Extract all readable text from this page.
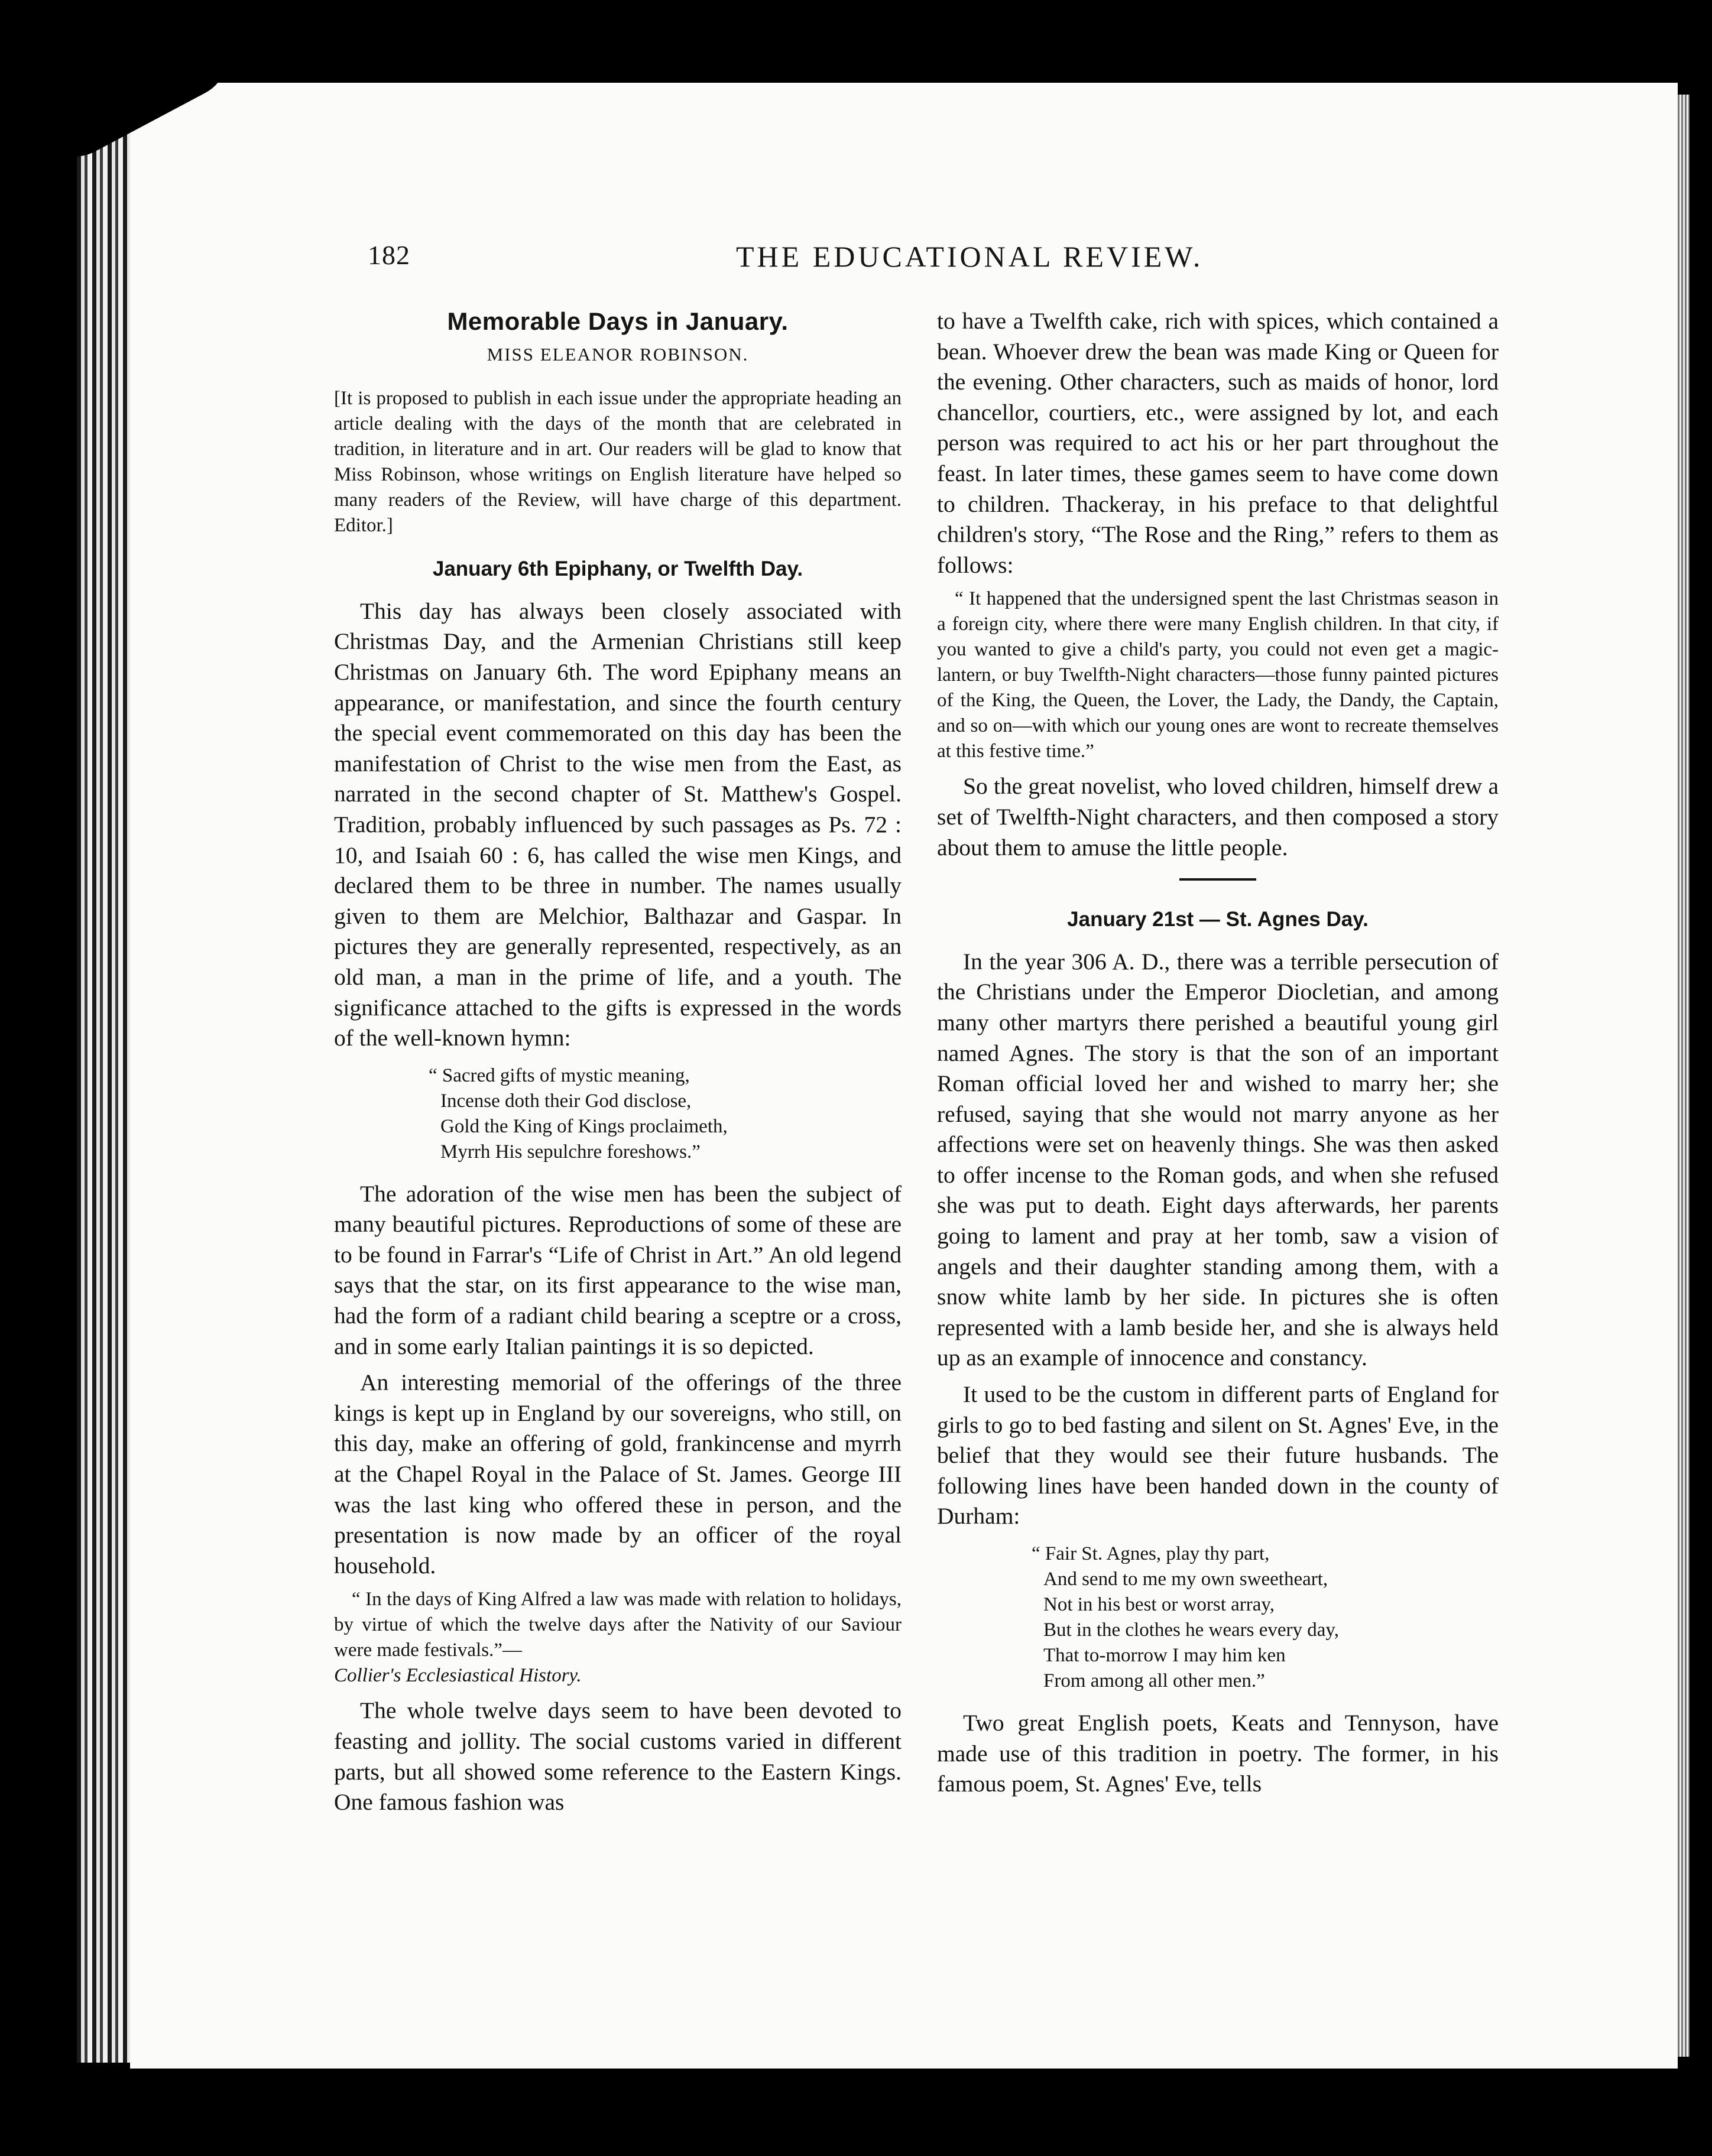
182	THE EDUCATIONAL REVIEW.
Memorable Days in January.
MISS ELEANOR ROBINSON.
[It is proposed to publish in each issue under the appropriate heading an article dealing with the days of the month that are celebrated in tradition, in literature and in art. Our readers will be glad to know that Miss Robinson, whose writings on English literature have helped so many readers of the Review, will have charge of this department. Editor.]
January 6th Epiphany, or Twelfth Day.

This day has always been closely associated with Christmas Day, and the Armenian Christians still keep Christmas on January 6th. The word Epiphany means an appearance, or manifestation, and since the fourth century the special event commemorated on this day has been the manifestation of Christ to the wise men from the East, as narrated in the second chapter of St. Matthew's Gospel. Tradition, probably influenced by such passages as Ps. 72 : 10, and Isaiah 60 : 6, has called the wise men Kings, and declared them to be three in number. The names usually given to them are Melchior, Balthazar and Gaspar. In pictures they are generally represented, respectively, as an old man, a man in the prime of life, and a youth. The significance attached to the gifts is expressed in the words of the well-known hymn:

“ Sacred gifts of mystic meaning,
Incense doth their God disclose,
Gold the King of Kings proclaimeth,
Myrrh His sepulchre foreshows.”

The adoration of the wise men has been the subject of many beautiful pictures. Reproductions of some of these are to be found in Farrar's “Life of Christ in Art.” An old legend says that the star, on its first appearance to the wise man, had the form of a radiant child bearing a sceptre or a cross, and in some early Italian paintings it is so depicted.

An interesting memorial of the offerings of the three kings is kept up in England by our sovereigns, who still, on this day, make an offering of gold, frankincense and myrrh at the Chapel Royal in the Palace of St. James. George III was the last king who offered these in person, and the presentation is now made by an officer of the royal household.

“ In the days of King Alfred a law was made with relation to holidays, by virtue of which the twelve days after the Nativity of our Saviour were made festivals.”—
Collier's Ecclesiastical History.

The whole twelve days seem to have been devoted to feasting and jollity. The social customs varied in different parts, but all showed some reference to the Eastern Kings. One famous fashion was

to have a Twelfth cake, rich with spices, which contained a bean. Whoever drew the bean was made King or Queen for the evening. Other characters, such as maids of honor, lord chancellor, courtiers, etc., were assigned by lot, and each person was required to act his or her part throughout the feast. In later times, these games seem to have come down to children. Thackeray, in his preface to that delightful children's story, “The Rose and the Ring,” refers to them as follows:

“ It happened that the undersigned spent the last Christmas season in a foreign city, where there were many English children. In that city, if you wanted to give a child's party, you could not even get a magic-lantern, or buy Twelfth-Night characters—those funny painted pictures of the King, the Queen, the Lover, the Lady, the Dandy, the Captain, and so on—with which our young ones are wont to recreate themselves at this festive time.”

So the great novelist, who loved children, himself drew a set of Twelfth-Night characters, and then composed a story about them to amuse the little people.

January 21st — St. Agnes Day.

In the year 306 A. D., there was a terrible persecution of the Christians under the Emperor Diocletian, and among many other martyrs there perished a beautiful young girl named Agnes. The story is that the son of an important Roman official loved her and wished to marry her; she refused, saying that she would not marry anyone as her affections were set on heavenly things. She was then asked to offer incense to the Roman gods, and when she refused she was put to death. Eight days afterwards, her parents going to lament and pray at her tomb, saw a vision of angels and their daughter standing among them, with a snow white lamb by her side. In pictures she is often represented with a lamb beside her, and she is always held up as an example of innocence and constancy.

It used to be the custom in different parts of England for girls to go to bed fasting and silent on St. Agnes' Eve, in the belief that they would see their future husbands. The following lines have been handed down in the county of Durham:

“ Fair St. Agnes, play thy part,
And send to me my own sweetheart,
Not in his best or worst array,
But in the clothes he wears every day,
That to-morrow I may him ken
From among all other men.”

Two great English poets, Keats and Tennyson, have made use of this tradition in poetry. The former, in his famous poem, St. Agnes' Eve, tells
